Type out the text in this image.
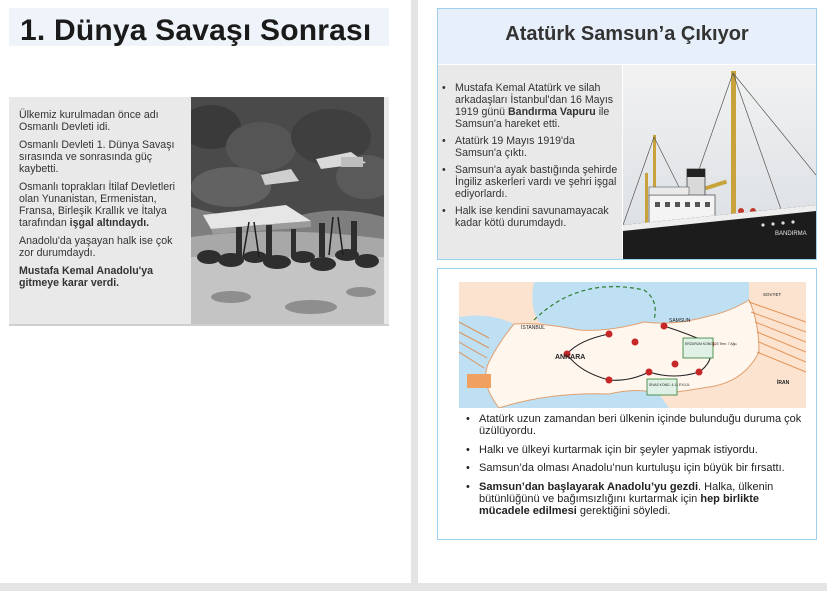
1. Dünya Savaşı Sonrası

Ülkemiz kurulmadan önce adı Osmanlı Devleti idi.

Osmanlı Devleti 1. Dünya Savaşı sırasında ve sonrasında güç kaybetti.

Osmanlı toprakları İtilaf Devletleri olan Yunanistan, Ermenistan, Fransa, Birleşik Krallık ve İtalya tarafından işgal altındaydı.

Anadolu'da yaşayan halk ise çok zor durumdaydı.

Mustafa Kemal Anadolu'ya gitmeye karar verdi.

Atatürk Samsun’a Çıkıyor
• Mustafa Kemal Atatürk ve silah arkadaşları İstanbul'dan 16 Mayıs 1919 günü Bandırma Vapuru ile Samsun'a hareket etti.
• Atatürk 19 Mayıs 1919'da Samsun'a çıktı.
• Samsun'a ayak bastığında şehirde İngiliz askerleri vardı ve şehri işgal ediyorlardı.
• Halk ise kendini savunamayacak kadar kötü durumdaydı.
BANDIRMA
İSTANBUL
ANKARA
SAMSUN
ERZURUM KONG. 23 Tem. 7 Ağu.
SİVAS KONG. 4-11 EYLÜL	İRAN
SOVYET
• Atatürk uzun zamandan beri ülkenin içinde bulunduğu duruma çok üzülüyordu.
• Halkı ve ülkeyi kurtarmak için bir şeyler yapmak istiyordu.
• Samsun’da olması Anadolu’nun kurtuluşu için büyük bir fırsattı.
• Samsun’dan başlayarak Anadolu’yu gezdi. Halka, ülkenin bütünlüğünü ve bağımsızlığını kurtarmak için hep birlikte mücadele edilmesi gerektiğini söyledi.
